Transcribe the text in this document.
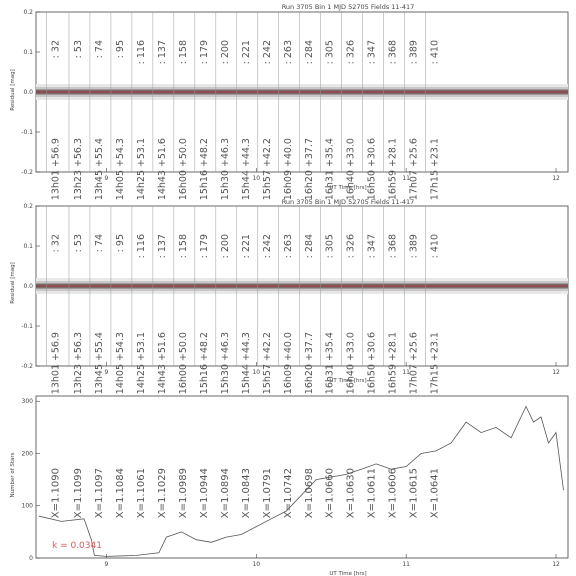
Run 3705 Bin 1 MJD 52705 Fields 11-417
Residual [mag]
UT Time [hrs]
9	10	11	12
-0.2
-0.1
0.0
0.1
0.2
: 32
+56.9
13h01
: 53
+56.3
13h23
: 74
+55.4
13h45
: 95
+54.3
14h05
: 116
+53.1
14h25
: 137
+51.6
14h43
: 158
+50.0
16h00
: 179
+48.2
15h16
: 200
+46.3
15h30
: 221
+44.3
15h44
: 242
+42.2
15h57
: 263
+40.0
16h09
: 284
+37.7
16h20
: 305
+35.4
16h31
: 326
+33.0
16h40
: 347
+30.6
16h50
: 368
+28.1
16h59
: 389
+25.6
17h07
: 410
+23.1
17h15
Run 3705 Bin 1 MJD 52705 Fields 11-417
Residual [mag]
UT Time [hrs]
9	10	11	12
-0.2
-0.1
0.0
0.1
0.2
: 32
+56.9
13h01
: 53
+56.3
13h23
: 74
+55.4
13h45
: 95
+54.3
14h05
: 116
+53.1
14h25
: 137
+51.6
14h43
: 158
+50.0
16h00
: 179
+48.2
15h16
: 200
+46.3
15h30
: 221
+44.3
15h44
: 242
+42.2
15h57
: 263
+40.0
16h09
: 284
+37.7
16h20
: 305
+35.4
16h31
: 326
+33.0
16h40
: 347
+30.6
16h50
: 368
+28.1
16h59
: 389
+25.6
17h07
: 410
+23.1
17h15
Number of Stars
UT Time [hrs]
9	10	11	12
0
100
200
300
X=1.1090 X=1.1099 X=1.1097 X=1.1084 X=1.1061 X=1.1029 X=1.0989 X=1.0944 X=1.0894 X=1.0843 X=1.0791 X=1.0742 X=1.0698 X=1.0660 X=1.0630 X=1.0611 X=1.0606 X=1.0615 X=1.0641
k = 0.0341
